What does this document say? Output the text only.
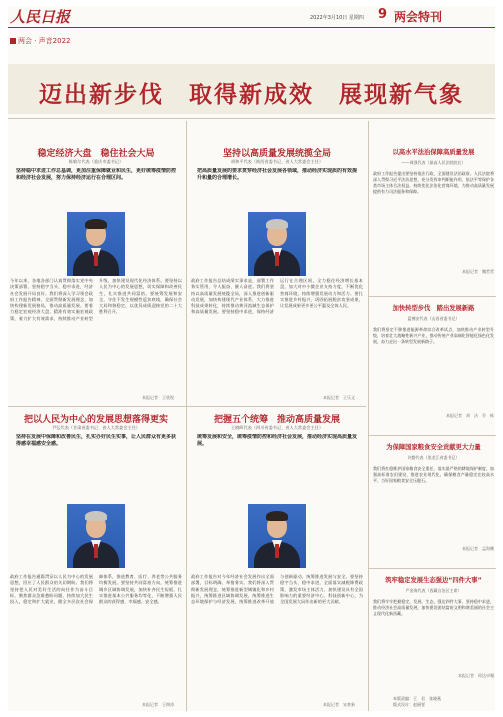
人民日报	2022年3月10日 星期四 9 两会特刊
两会 · 声音2022
迈出新步伐　取得新成效　展现新气象
稳定经济大盘　稳住社会大局
陈敏尔代表（重庆市委书记）
坚持稳中求进工作总基调，更加注重保障就业和民生，更好统筹疫情防控和经济社会发展，努力保持经济运行在合理区间。
今年以来，各地各部门认真贯彻落实党中央决策部署，坚持稳字当头、稳中求进，经济社会发展开局良好。我们将深入学习领会政府工作报告精神，全面贯彻新发展理念，加快构建新发展格局，推动高质量发展。要着力稳定宏观经济大盘，精准有效实施宏观政策，着力扩大有效需求，持续推动产业转型升级，加快建设现代化经济体系。要坚持以人民为中心的发展思想，切实保障和改善民生，扎实推进共同富裕。要统筹发展和安全，守住不发生规模性返贫底线，确保社会大局和谐稳定，以优异成绩迎接党的二十大胜利召开。
本报记者　王欣悦
坚持以高质量发展统揽全局
胡和平代表（陕西省委书记、省人大常委会主任）
把高质量发展的要求贯穿经济社会发展各领域，推动经济实现质的有效提升和量的合理增长。
政府工作报告总结成绩实事求是，部署工作务实管用，令人振奋、催人奋进。我们将坚持以高质量发展统揽全局，深入推进创新驱动发展，加快构建现代产业体系，大力推进科技成果转化，持续推动黄河流域生态保护和高质量发展。要坚持稳中求进，保持经济运行在合理区间，全力稳住经济增长基本盘，加大对中小微企业支持力度，不断优化营商环境，持续增强发展动力和活力。要扎实推进乡村振兴，巩固拓展脱贫攻坚成果，让发展成果更多更公平惠及全体人民。
本报记者　王乐文
把以人民为中心的发展思想落得更实
尹弘代表（甘肃省委书记、省人大常委会主任）
坚持在发展中保障和改善民生，扎实办好民生实事，让人民群众有更多获得感幸福感安全感。
政府工作报告通篇贯穿以人民为中心的发展思想，回应了人民群众的关切期盼。我们将坚持把人民对美好生活的向往作为奋斗目标，聚焦群众急难愁盼问题，持续加大民生投入，稳定和扩大就业，健全多层次社会保障体系，推进教育、医疗、养老等公共服务均衡发展。要坚持共同富裕方向，统筹推进城乡区域协调发展，加快补齐民生短板，扎实推进基本公共服务均等化，不断增强人民群众的获得感、幸福感、安全感。
本报记者　王锦涛
把握五个统筹　推动高质量发展
王晓晖代表（四川省委书记、省人大常委会主任）
统筹发展和安全，统筹疫情防控和经济社会发展，推动经济实现高质量发展。
政府工作报告对今年经济社会发展作出全面部署，目标明确、举措务实。我们将深入贯彻新发展理念，统筹推进新型城镇化和乡村振兴，统筹推进区域协调发展，统筹推进生态环境保护与经济发展，统筹推进改革开放与创新驱动，统筹推进发展与安全。要坚持稳字当头、稳中求进，全面落实减税降费政策，激发市场主体活力，加快建设具有全国影响力的重要经济中心、科技创新中心，为全国发展大局作出新的更大贡献。
本报记者　宋豪新
以高水平法治保障高质量发展
——周强代表（最高人民法院院长）
政府工作报告提出要坚持依法行政，全面建设法治政府。人民法院将深入贯彻习近平法治思想，充分发挥审判职能作用，依法平等保护各类市场主体合法权益，持续优化法治化营商环境，为推动高质量发展提供有力司法服务和保障。
本报记者　魏哲哲
加快转型步伐　踏出发展新路
蓝佛安代表（山西省委书记）
我们将坚定不移推进能源革命综合改革试点，加快推动产业转型升级，培育壮大战略性新兴产业，推动传统产业高端化智能化绿色化发展，奋力走出一条转型发展新路子。
本报记者　胡　洁　乔　栋
为保障国家粮食安全贡献更大力量
许勤代表（黑龙江省委书记）
我们将扛稳维护国家粮食安全重任，落实最严格的耕地保护制度，加强高标准农田建设，推进农业现代化，确保粮食产量稳定在较高水平，当好国家粮食安全压舱石。
本报记者　孟海鹰
筑牢稳定发展生态强边“四件大事”
严金海代表（西藏自治区主席）
我们将牢牢把握稳定、发展、生态、强边四件大事，坚持稳中求进，推动经济社会高质量发展，加快建设团结富裕文明和谐美丽的社会主义现代化新西藏。
本报记者　琼达卓嘎
本版责编：王　君　张晓燕
版式设计：赵丽雯
